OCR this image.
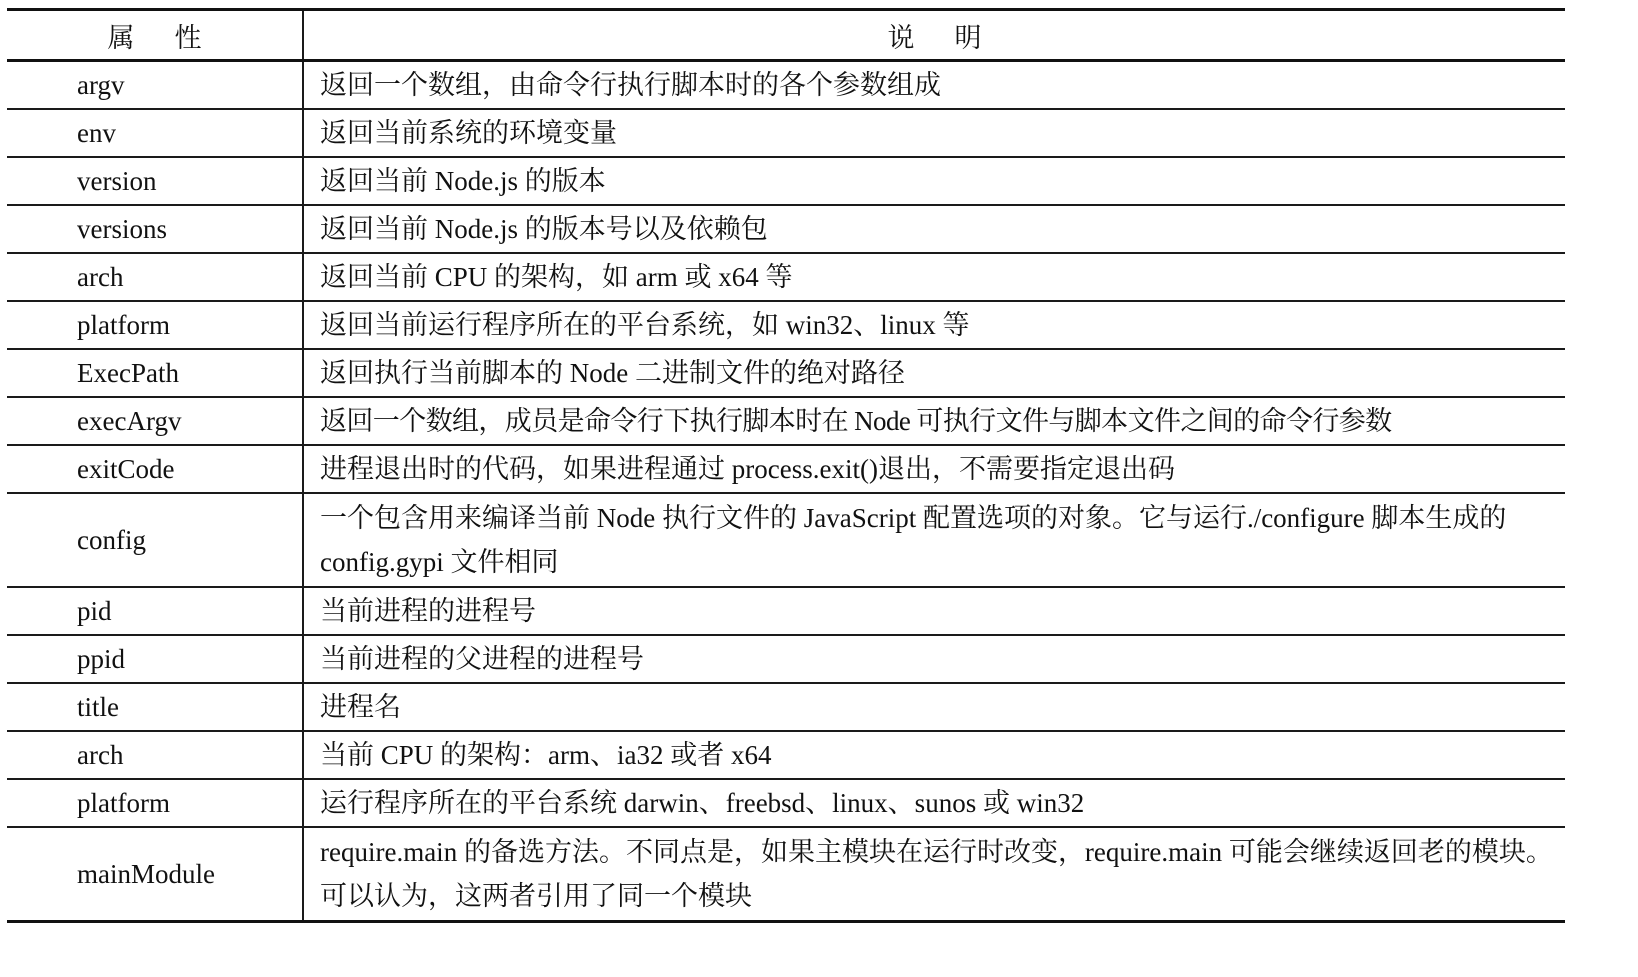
属性	说明
argv	返回一个数组，由命令行执行脚本时的各个参数组成
env	返回当前系统的环境变量
version	返回当前 Node.js 的版本
versions	返回当前 Node.js 的版本号以及依赖包
arch	返回当前 CPU 的架构，如 arm 或 x64 等
platform	返回当前运行程序所在的平台系统，如 win32、linux 等
ExecPath	返回执行当前脚本的 Node 二进制文件的绝对路径
execArgv	返回一个数组，成员是命令行下执行脚本时在 Node 可执行文件与脚本文件之间的命令行参数
exitCode	进程退出时的代码，如果进程通过 process.exit()退出，不需要指定退出码
config	一个包含用来编译当前 Node 执行文件的 JavaScript 配置选项的对象。它与运行./configure 脚本生成的 config.gypi 文件相同
pid	当前进程的进程号
ppid	当前进程的父进程的进程号
title	进程名
arch	当前 CPU 的架构：arm、ia32 或者 x64
platform	运行程序所在的平台系统 darwin、freebsd、linux、sunos 或 win32
mainModule	require.main 的备选方法。不同点是，如果主模块在运行时改变，require.main 可能会继续返回老的模块。可以认为，这两者引用了同一个模块
